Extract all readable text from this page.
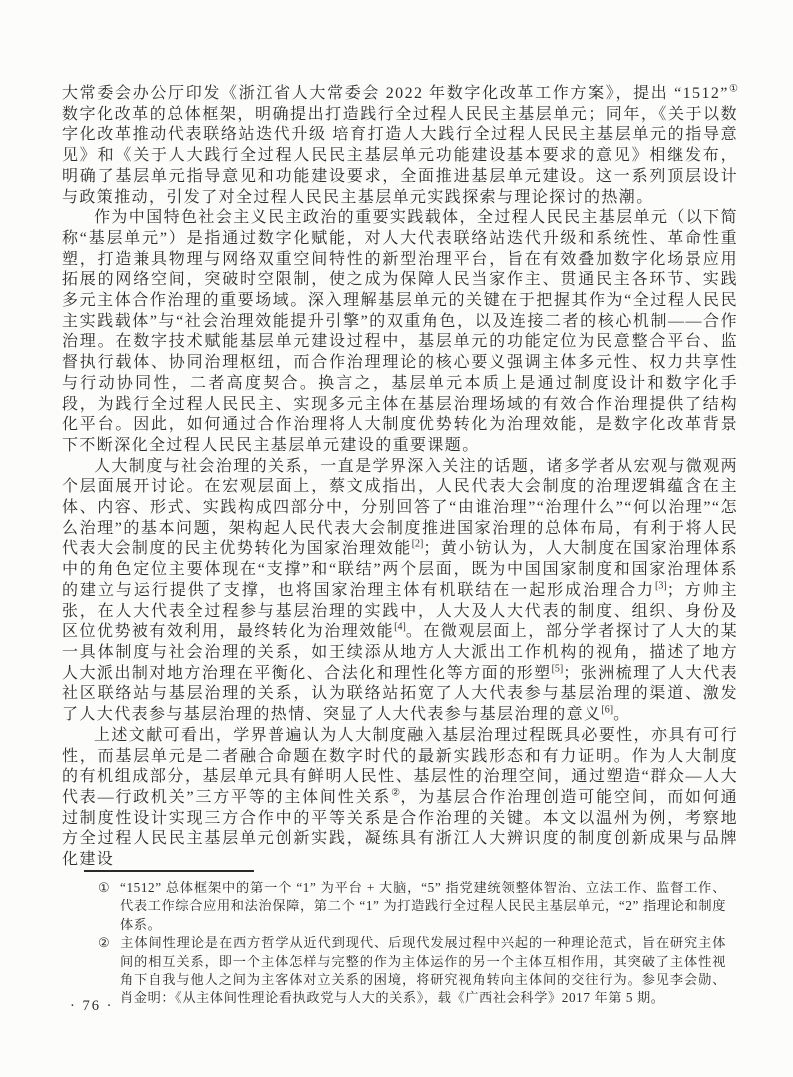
大常委会办公厅印发《浙江省人大常委会 2022 年数字化改革工作方案》，提出 “1512”①数字化改革的总体框架，明确提出打造践行全过程人民民主基层单元；同年，《关于以数字化改革推动代表联络站迭代升级 培育打造人大践行全过程人民民主基层单元的指导意见》和《关于人大践行全过程人民民主基层单元功能建设基本要求的意见》相继发布，明确了基层单元指导意见和功能建设要求，全面推进基层单元建设。这一系列顶层设计与政策推动，引发了对全过程人民民主基层单元实践探索与理论探讨的热潮。

作为中国特色社会主义民主政治的重要实践载体，全过程人民民主基层单元（以下简称“基层单元”）是指通过数字化赋能，对人大代表联络站迭代升级和系统性、革命性重塑，打造兼具物理与网络双重空间特性的新型治理平台，旨在有效叠加数字化场景应用拓展的网络空间，突破时空限制，使之成为保障人民当家作主、贯通民主各环节、实践多元主体合作治理的重要场域。深入理解基层单元的关键在于把握其作为“全过程人民民主实践载体”与“社会治理效能提升引擎”的双重角色，以及连接二者的核心机制——合作治理。在数字技术赋能基层单元建设过程中，基层单元的功能定位为民意整合平台、监督执行载体、协同治理枢纽，而合作治理理论的核心要义强调主体多元性、权力共享性与行动协同性，二者高度契合。换言之，基层单元本质上是通过制度设计和数字化手段，为践行全过程人民民主、实现多元主体在基层治理场域的有效合作治理提供了结构化平台。因此，如何通过合作治理将人大制度优势转化为治理效能，是数字化改革背景下不断深化全过程人民民主基层单元建设的重要课题。

人大制度与社会治理的关系，一直是学界深入关注的话题，诸多学者从宏观与微观两个层面展开讨论。在宏观层面上，蔡文成指出，人民代表大会制度的治理逻辑蕴含在主体、内容、形式、实践构成四部分中，分别回答了“由谁治理”“治理什么”“何以治理”“怎么治理”的基本问题，架构起人民代表大会制度推进国家治理的总体布局，有利于将人民代表大会制度的民主优势转化为国家治理效能[2]；黄小钫认为，人大制度在国家治理体系中的角色定位主要体现在“支撑”和“联结”两个层面，既为中国国家制度和国家治理体系的建立与运行提供了支撑，也将国家治理主体有机联结在一起形成治理合力[3]；方帅主张，在人大代表全过程参与基层治理的实践中，人大及人大代表的制度、组织、身份及区位优势被有效利用，最终转化为治理效能[4]。在微观层面上，部分学者探讨了人大的某一具体制度与社会治理的关系，如王续添从地方人大派出工作机构的视角，描述了地方人大派出制对地方治理在平衡化、合法化和理性化等方面的形塑[5]；张洲梳理了人大代表社区联络站与基层治理的关系，认为联络站拓宽了人大代表参与基层治理的渠道、激发了人大代表参与基层治理的热情、突显了人大代表参与基层治理的意义[6]。

上述文献可看出，学界普遍认为人大制度融入基层治理过程既具必要性，亦具有可行性，而基层单元是二者融合命题在数字时代的最新实践形态和有力证明。作为人大制度的有机组成部分，基层单元具有鲜明人民性、基层性的治理空间，通过塑造“群众—人大代表—行政机关”三方平等的主体间性关系②，为基层合作治理创造可能空间，而如何通过制度性设计实现三方合作中的平等关系是合作治理的关键。本文以温州为例，考察地方全过程人民民主基层单元创新实践，凝练具有浙江人大辨识度的制度创新成果与品牌化建设

① “1512” 总体框架中的第一个 “1” 为平台 + 大脑，“5” 指党建统领整体智治、立法工作、监督工作、代表工作综合应用和法治保障，第二个 “1” 为打造践行全过程人民民主基层单元，“2” 指理论和制度体系。

② 主体间性理论是在西方哲学从近代到现代、后现代发展过程中兴起的一种理论范式，旨在研究主体间的相互关系，即一个主体怎样与完整的作为主体运作的另一个主体互相作用，其突破了主体性视角下自我与他人之间为主客体对立关系的困境，将研究视角转向主体间的交往行为。参见李会勋、肖金明：《从主体间性理论看执政党与人大的关系》，载《广西社会科学》2017 年第 5 期。

· 76 ·
